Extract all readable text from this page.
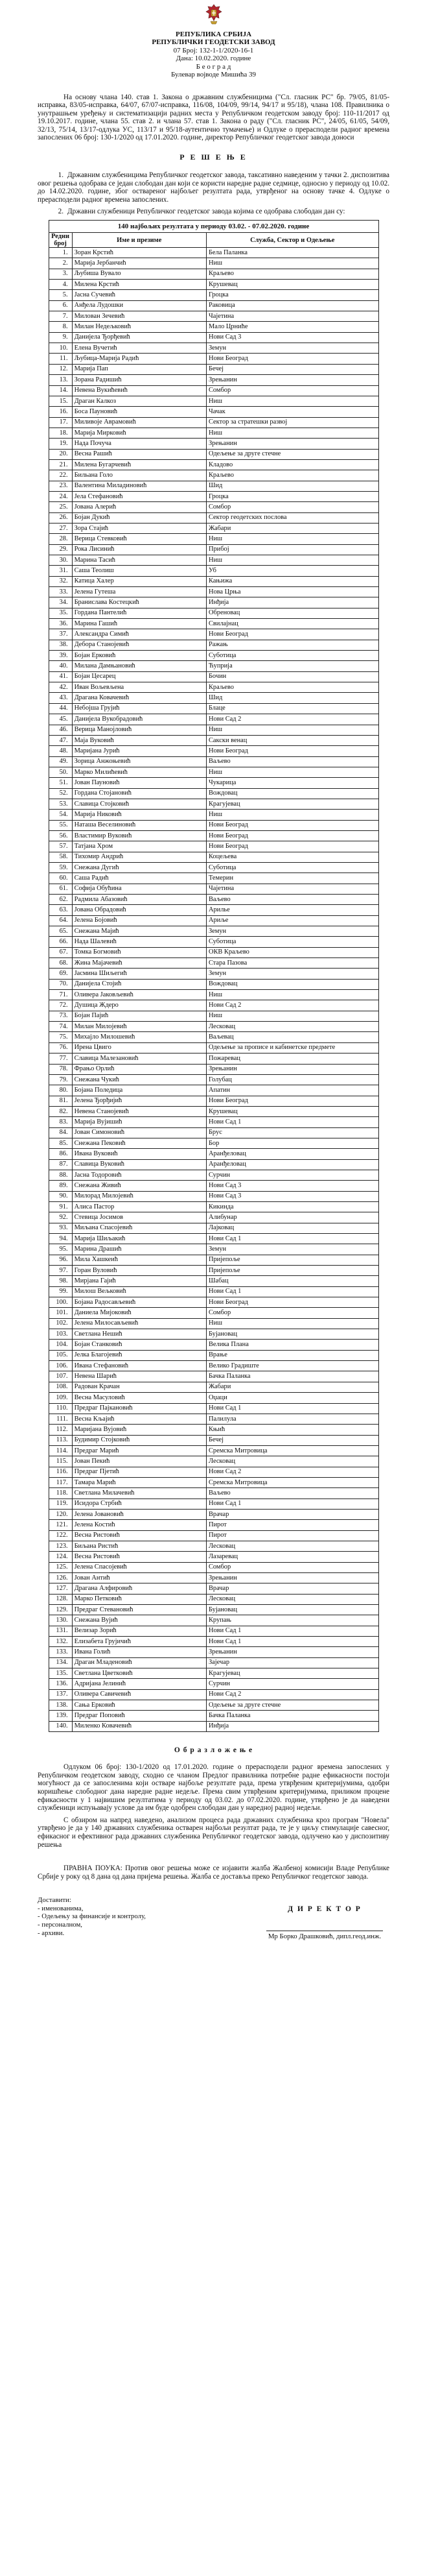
РЕПУБЛИКА СРБИЈА
РЕПУБЛИЧКИ ГЕОДЕТСКИ ЗАВОД
07 Број: 132-1-1/2020-16-1
Дана: 10.02.2020. године
Б е о г р а д
Булевар војводе Мишића 39
На основу члана 140. став 1. Закона о државним службеницима ("Сл. гласник РС" бр. 79/05, 81/05-исправка, 83/05-исправка, 64/07, 67/07-исправка, 116/08, 104/09, 99/14, 94/17 и 95/18), члана 108. Правилника о унутрашњем уређењу и систематизацији радних места у Републичком геодетском заводу број: 110-11/2017 од 19.10.2017. године, члана 55. став 2. и члана 57. став 1. Закона о раду ("Сл. гласник РС", 24/05, 61/05, 54/09, 32/13, 75/14, 13/17-одлука УС, 113/17 и 95/18-аутентично тумачење) и Одлуке о прерасподели радног времена запослених 06 број: 130-1/2020 од 17.01.2020. године, директор Републичког геодетског завода доноси
Р Е Ш Е Њ Е
1. Државним службеницима Републичког геодетског завода, таксативно наведеним у тачки 2. диспозитива овог решења одобрава се један слободан дан који се користи наредне радне седмице, односно у периоду од 10.02. до 14.02.2020. године, због оствареног најбољег резултата рада, утврђеног на основу тачке 4. Одлуке о прерасподели радног времена запослених.
2. Државни службеници Републичког геодетског завода којима се одобрава слободан дан су:
140 најбољих резултата у периоду 03.02. - 07.02.2020. године		
Редни број	Име и презиме	Служба, Сектор и Одељење
1.	Зоран Крстић	Бела Паланка
2.	Марија Јербанчић	Ниш
3.	Љубиша Вувало	Краљево
4.	Милена Крстић	Крушевац
5.	Јасна Сучевић	Гроцка
6.	Анђела Лудошки	Раковица
7.	Милован Зечевић	Чајетина
8.	Милан Недељковић	Мало Црниће
9.	Данијела Ђорђевић	Нови Сад 3
10.	Елена Вучетић	Земун
11.	Љубица-Марија Радић	Нови Београд
12.	Марија Пап	Бечеј
13.	Зорана Радишић	Зрењанин
14.	Невена Вукићевић	Сомбор
15.	Драган Калкоз	Ниш
16.	Боса Пауновић	Чачак
17.	Миливоје Аврамовић	Сектор за стратешки развој
18.	Марија Мирковић	Ниш
19.	Нада Почуча	Зрењанин
20.	Весна Рашић	Одељење за друге стечне
21.	Милена Бугарчевић	Кладово
22.	Бильана Голо	Краљево
23.	Валентина Миладиновић	Шид
24.	Јела Стефановић	Гроцка
25.	Јована Алерић	Сомбор
26.	Бојан Дукић	Сектор геодетских послова
27.	Зора Стајић	Жабари
28.	Верица Стевковић	Ниш
29.	Рока Лисинић	Прибој
30.	Марина Тасић	Ниш
31.	Саша Теолиш	Уб
32.	Катица Халер	Кањижа
33.	Јелена Гутеша	Нова Црња
34.	Бранислава Костецкић	Инђија
35.	Гордана Пантелић	Обреновац
36.	Марина Гашић	Свилајнац
37.	Александра Симић	Нови Београд
38.	Дебора Станојевић	Ражањ
39.	Бојан Ерковић	Суботица
40.	Милана Дамњановић	Ћуприја
41.	Бојан Цесарец	Бочин
42.	Иван Вољевљена	Краљево
43.	Драгана Ковачевић	Шид
44.	Небојша Грујић	Блаце
45.	Данијела Вукобрадовић	Нови Сад 2
46.	Верица Манојловић	Ниш
47.	Маја Вуковић	Сакски венац
48.	Маријана Јурић	Нови Београд
49.	Зорица Анжоњевић	Ваљево
50.	Марко Милићевић	Ниш
51.	Јован Пауновић	Чукарица
52.	Гордана Стојановић	Вождовац
53.	Славица Стојковић	Крагујевац
54.	Марија Никовић	Ниш
55.	Наташа Веселиновић	Нови Београд
56.	Властимир Вуковић	Нови Београд
57.	Татјана Хром	Нови Београд
58.	Тихомир Андрић	Коцељева
59.	Снежана Дугић	Суботица
60.	Саша Радић	Темерин
61.	Софија Обућина	Чајетина
62.	Радмила Абазовић	Ваљево
63.	Јована Обрадовић	Арилье
64.	Јелена Бојовић	Ариље
65.	Снежана Мајић	Земун
66.	Нада Шалевић	Суботица
67.	Томка Богмовић	ОКВ Краљево
68.	Жина Мајачевић	Стара Пазова
69.	Јасмина Шиљегић	Земун
70.	Данијела Стојић	Вождовац
71.	Оливера Јаковљевић	Ниш
72.	Душица Ждеро	Нови Сад 2
73.	Бојан Пајић	Ниш
74.	Милан Милојевић	Лесковац
75.	Михајло Милошевић	Ваљевац
76.	Ирена Цвиго	Одељење за прописе и кабинетске предмете
77.	Славица Малезановић	Пожаревац
78.	Фрањо Орлић	Зрењанин
79.	Снежана Чукић	Голубац
80.	Бојана Поледица	Апатин
81.	Јелена Ђорђијић	Нови Београд
82.	Невена Станојевић	Крушевац
83.	Марија Вујишић	Нови Сад 1
84.	Јован Симоновић	Брус
85.	Снежана Пековић	Бор
86.	Ивана Вуковић	Аранђеловац
87.	Славица Вуковић	Аранђеловац
88.	Јасна Тодоровић	Сурчин
89.	Снежана Живић	Нови Сад 3
90.	Милорад Милојевић	Нови Сад 3
91.	Алиса Пастор	Кикинда
92.	Стевица Јосимов	Алибунар
93.	Миљана Спасојевић	Лајковац
94.	Марија Шиљакић	Нови Сад 1
95.	Марина Драшић	Земун
96.	Мила Хашкеић	Пријепоље
97.	Горан Вуловић	Пријепоље
98.	Мирјана Гајић	Шабац
99.	Милош Вељковић	Нови Сад 1
100.	Бојана Радосављевић	Нови Београд
101.	Даниела Мијоковић	Сомбор
102.	Јелена Милосављевић	Ниш
103.	Светлана Нешић	Бујановац
104.	Бојан Станковић	Велика Плана
105.	Јелка Благојевић	Врање
106.	Ивана Стефановић	Велико Градиште
107.	Невена Шарић	Бачка Паланка
108.	Радован Крачан	Жабари
109.	Весна Масуловић	Оџаци
110.	Предраг Пајкановић	Нови Сад 1
111.	Весна Кљајић	Палилула
112.	Маријана Вујовић	Књић
113.	Будимир Стојковић	Бечеј
114.	Предраг Марић	Сремска Митровица
115.	Јован Пекић	Лесковац
116.	Предраг Пјетић	Нови Сад 2
117.	Тамара Марић	Сремска Митровица
118.	Светлана Милачевић	Ваљево
119.	Исидора Стрбић	Нови Сад 1
120.	Јелена Јовановић	Врачар
121.	Јелена Костић	Пирот
122.	Весна Ристовић	Пирот
123.	Биљана Ристић	Лесковац
124.	Весна Ристовић	Лазаревац
125.	Јелена Спасојевић	Сомбор
126.	Јован Антић	Зрењанин
127.	Драгана Алфировић	Врачар
128.	Марко Петковић	Лесковац
129.	Предраг Стевановић	Бујановац
130.	Снежана Вујић	Крупањ
131.	Велизар Зорић	Нови Сад 1
132.	Елизабета Грујичић	Нови Сад 1
133.	Ивана Голић	Зрењанин
134.	Драган Младеновић	Зајечар
135.	Светлана Цветковић	Крагујевац
136.	Адријана Јелинић	Сурчин
137.	Оливера Савичевић	Нови Сад 2
138.	Сања Ерковић	Одељење за друге стечне
139.	Предраг Поповић	Бачка Паланка
140.	Миленко Ковачевић	Инђија
О б р а з л о ж е њ е
Одлуком 06 број: 130-1/2020 од 17.01.2020. године о прерасподели радног времена запослених у Републичком геодетском заводу, сходно се чланом Предлог правилника потребне радне ефикасности постоји могућност да се запосленима који остваре најбоље резултате рада, према утврђеним критеријумима, одобри коришћење слободног дана наредне радне недеље. Према свим утврђеним критеријумима, приликом процене ефикасности у 1 највишим резултатима у периоду од 03.02. до 07.02.2020. године, утврђено је да наведени службеници испуњавају услове да им буде одобрен слободан дан у наредној радној недељи.
С обзиром на напред наведено, анализом процеса рада државних службеника кроз програм "Новела" утврђено је да у 140 државних службеника остварен најбољи резултат рада, те је у циљу стимулације савесног, ефикасног и ефективног рада државних службеника Републичког геодетског завода, одлучено као у диспозитиву решења
ПРАВНА ПОУКА: Против овог решења може се изјавити жалба Жалбеној комисији Владе Републике Србије у року од 8 дана од дана пријема решења. Жалба се доставља преко Републичког геодетског завода.
Доставити:
- именованима,
- Одељењу за финансије и контролу,
- персоналном,
- архиви.
Д И Р Е К Т О Р
Мр Борко Драшковић, дипл.геод.инж.
